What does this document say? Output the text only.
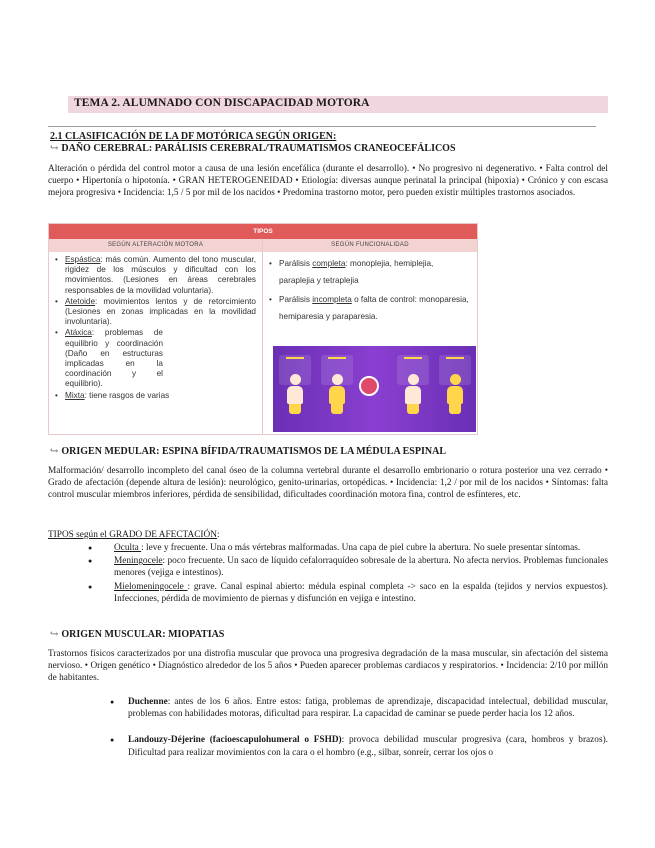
TEMA 2. ALUMNADO CON DISCAPACIDAD MOTORA
2.1 CLASIFICACIÓN DE LA DF MOTÓRICA SEGÚN ORIGEN:
↪ DAÑO CEREBRAL: PARÁLISIS CEREBRAL/TRAUMATISMOS CRANEOCEFÁLICOS
Alteración o pérdida del control motor a causa de una lesión encefálica (durante el desarrollo). • No progresivo ni degenerativo. • Falta control del cuerpo • Hipertonía o hipotonía. • GRAN HETEROGENEIDAD • Etiología: diversas aunque perinatal la principal (hipoxia) • Crónico y con escasa mejora progresiva • Incidencia: 1,5 / 5 por mil de los nacidos • Predomina trastorno motor, pero pueden existir múltiples trastornos asociados.
TIPOS
SEGÚN ALTERACIÓN MOTORA
• Espástica: más común. Aumento del tono muscular, rigidez de los músculos y dificultad con los movimientos. (Lesiones en áreas cerebrales responsables de la movilidad voluntaria).
• Atetoide: movimientos lentos y de retorcimiento (Lesiones en zonas implicadas en la movilidad involuntaria).
• Atáxica: problemas de equilibrio y coordinación (Daño en estructuras implicadas en la coordinación y el equilibrio).
• Mixta: tiene rasgos de varias
SEGÚN FUNCIONALIDAD
• Parálisis completa: monoplejia, hemiplejia, paraplejia y tetraplejia
• Parálisis incompleta o falta de control: monoparesia, hemiparesia y paraparesia.
↪ ORIGEN MEDULAR: ESPINA BÍFIDA/TRAUMATISMOS DE LA MÉDULA ESPINAL
Malformación/ desarrollo incompleto del canal óseo de la columna vertebral durante el desarrollo embrionario o rotura posterior una vez cerrado • Grado de afectación (depende altura de lesión): neurológico, genito-urinarias, ortopédicas. • Incidencia: 1,2 / por mil de los nacidos • Síntomas: falta control muscular miembros inferiores, pérdida de sensibilidad, dificultades coordinación motora fina, control de esfínteres, etc.
TIPOS según el GRADO DE AFECTACIÓN:
● Oculta : leve y frecuente. Una o más vértebras malformadas. Una capa de piel cubre la abertura. No suele presentar síntomas.
● Meningocele: poco frecuente. Un saco de líquido cefalorraquídeo sobresale de la abertura. No afecta nervios. Problemas funcionales menores (vejiga e intestinos).
● Mielomeningocele : grave. Canal espinal abierto: médula espinal completa -> saco en la espalda (tejidos y nervios expuestos). Infecciones, pérdida de movimiento de piernas y disfunción en vejiga e intestino.
↪ ORIGEN MUSCULAR: MIOPATIAS
Trastornos físicos caracterizados por una distrofia muscular que provoca una progresiva degradación de la masa muscular, sin afectación del sistema nervioso. • Origen genético • Diagnóstico alrededor de los 5 años • Pueden aparecer problemas cardiacos y respiratorios. • Incidencia: 2/10 por millón de habitantes.
● Duchenne: antes de los 6 años. Entre estos: fatiga, problemas de aprendizaje, discapacidad intelectual, debilidad muscular, problemas con habilidades motoras, dificultad para respirar. La capacidad de caminar se puede perder hacia los 12 años.
● Landouzy-Déjerine (facioescapulohumeral o FSHD): provoca debilidad muscular progresiva (cara, hombros y brazos). Dificultad para realizar movimientos con la cara o el hombro (e.g., silbar, sonreír, cerrar los ojos o
